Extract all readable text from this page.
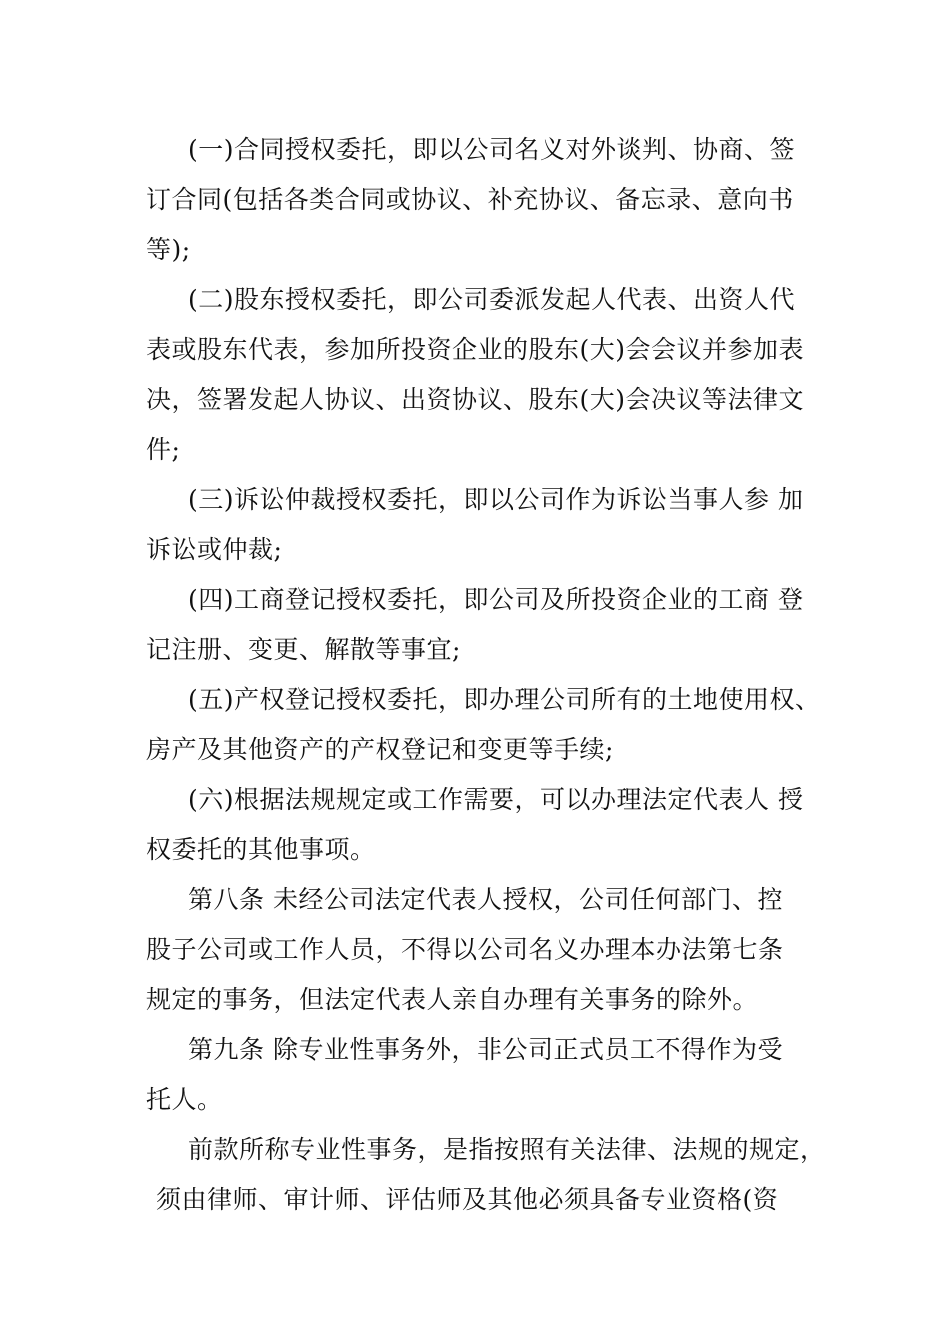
(一)合同授权委托，即以公司名义对外谈判、协商、签
订合同(包括各类合同或协议、补充协议、备忘录、意向书
等);
(二)股东授权委托，即公司委派发起人代表、出资人代
表或股东代表，参加所投资企业的股东(大)会会议并参加表
决，签署发起人协议、出资协议、股东(大)会决议等法律文
件;
(三)诉讼仲裁授权委托，即以公司作为诉讼当事人参 加
诉讼或仲裁;
(四)工商登记授权委托，即公司及所投资企业的工商 登
记注册、变更、解散等事宜;
(五)产权登记授权委托，即办理公司所有的土地使用权、
房产及其他资产的产权登记和变更等手续;
(六)根据法规规定或工作需要，可以办理法定代表人 授
权委托的其他事项。
第八条 未经公司法定代表人授权，公司任何部门、控
股子公司或工作人员，不得以公司名义办理本办法第七条
规定的事务，但法定代表人亲自办理有关事务的除外。
第九条 除专业性事务外，非公司正式员工不得作为受
托人。
前款所称专业性事务，是指按照有关法律、法规的规定，
须由律师、审计师、评估师及其他必须具备专业资格(资
